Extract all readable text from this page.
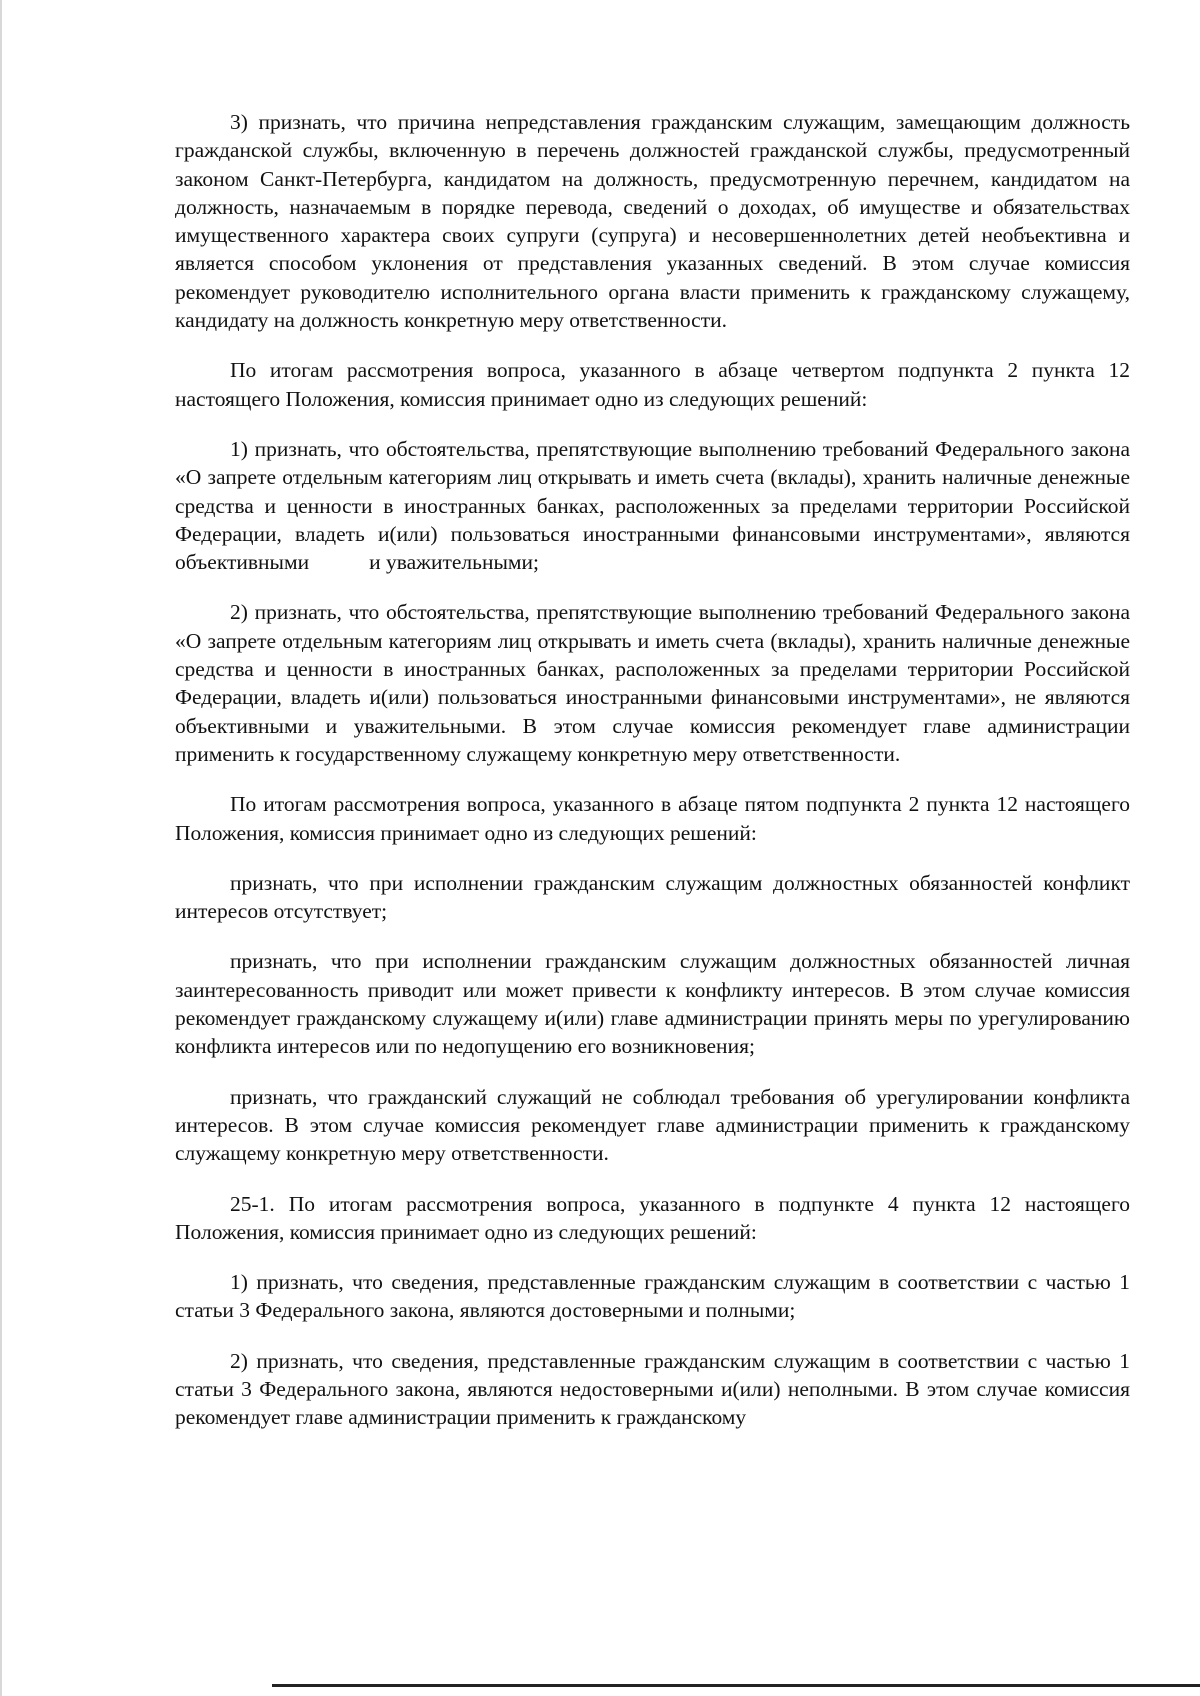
3) признать, что причина непредставления гражданским служащим, замещающим должность гражданской службы, включенную в перечень должностей гражданской службы, предусмотренный законом Санкт-Петербурга, кандидатом на должность, предусмотренную перечнем, кандидатом на должность, назначаемым в порядке перевода, сведений о доходах, об имуществе и обязательствах имущественного характера своих супруги (супруга) и несовершеннолетних детей необъективна и является способом уклонения от представления указанных сведений. В этом случае комиссия рекомендует руководителю исполнительного органа власти применить к гражданскому служащему, кандидату на должность конкретную меру ответственности.

По итогам рассмотрения вопроса, указанного в абзаце четвертом подпункта 2 пункта 12 настоящего Положения, комиссия принимает одно из следующих решений:

1) признать, что обстоятельства, препятствующие выполнению требований Федерального закона «О запрете отдельным категориям лиц открывать и иметь счета (вклады), хранить наличные денежные средства и ценности в иностранных банках, расположенных за пределами территории Российской Федерации, владеть и(или) пользоваться иностранными финансовыми инструментами», являются объективными	и уважительными;

2) признать, что обстоятельства, препятствующие выполнению требований Федерального закона «О запрете отдельным категориям лиц открывать и иметь счета (вклады), хранить наличные денежные средства и ценности в иностранных банках, расположенных за пределами территории Российской Федерации, владеть и(или) пользоваться иностранными финансовыми инструментами», не являются объективными и уважительными. В этом случае комиссия рекомендует главе администрации применить к государственному служащему конкретную меру ответственности.

По итогам рассмотрения вопроса, указанного в абзаце пятом подпункта 2 пункта 12 настоящего Положения, комиссия принимает одно из следующих решений:

признать, что при исполнении гражданским служащим должностных обязанностей конфликт интересов отсутствует;

признать, что при исполнении гражданским служащим должностных обязанностей личная заинтересованность приводит или может привести к конфликту интересов. В этом случае комиссия рекомендует гражданскому служащему и(или) главе администрации принять меры по урегулированию конфликта интересов или по недопущению его возникновения;

признать, что гражданский служащий не соблюдал требования об урегулировании конфликта интересов. В этом случае комиссия рекомендует главе администрации применить к гражданскому служащему конкретную меру ответственности.

25-1. По итогам рассмотрения вопроса, указанного в подпункте 4 пункта 12 настоящего Положения, комиссия принимает одно из следующих решений:

1) признать, что сведения, представленные гражданским служащим в соответствии с частью 1 статьи 3 Федерального закона, являются достоверными и полными;

2) признать, что сведения, представленные гражданским служащим в соответствии с частью 1 статьи 3 Федерального закона, являются недостоверными и(или) неполными. В этом случае комиссия рекомендует главе администрации применить к гражданскому
